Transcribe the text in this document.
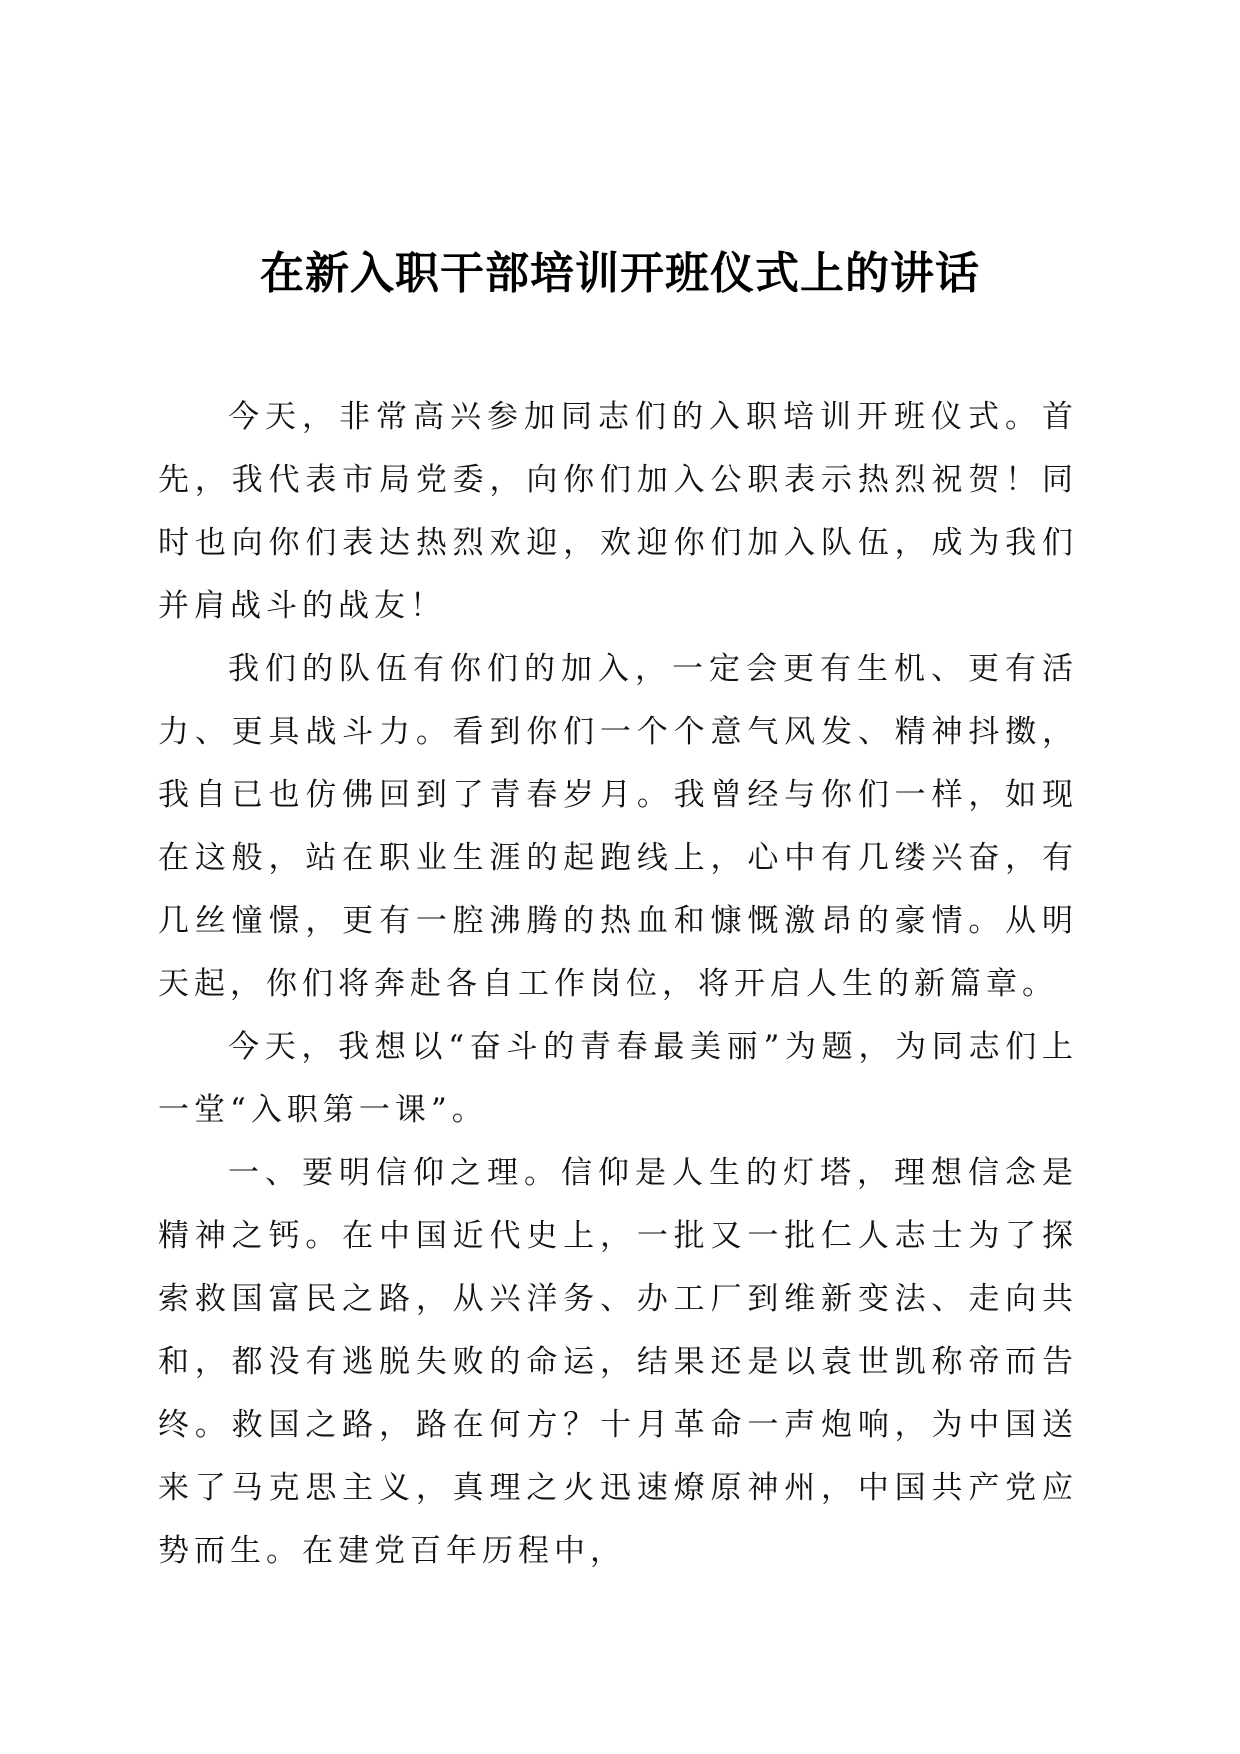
在新入职干部培训开班仪式上的讲话

今天，非常高兴参加同志们的入职培训开班仪式。首先，我代表市局党委，向你们加入公职表示热烈祝贺！同时也向你们表达热烈欢迎，欢迎你们加入队伍，成为我们并肩战斗的战友！

我们的队伍有你们的加入，一定会更有生机、更有活力、更具战斗力。看到你们一个个意气风发、精神抖擞，我自已也仿佛回到了青春岁月。我曾经与你们一样，如现在这般，站在职业生涯的起跑线上，心中有几缕兴奋，有几丝憧憬，更有一腔沸腾的热血和慷慨激昂的豪情。从明天起，你们将奔赴各自工作岗位，将开启人生的新篇章。

今天，我想以“奋斗的青春最美丽”为题，为同志们上一堂“入职第一课”。

一、要明信仰之理。信仰是人生的灯塔，理想信念是精神之钙。在中国近代史上，一批又一批仁人志士为了探索救国富民之路，从兴洋务、办工厂到维新变法、走向共和，都没有逃脱失败的命运，结果还是以袁世凯称帝而告终。救国之路，路在何方？十月革命一声炮响，为中国送来了马克思主义，真理之火迅速燎原神州，中国共产党应势而生。在建党百年历程中，
